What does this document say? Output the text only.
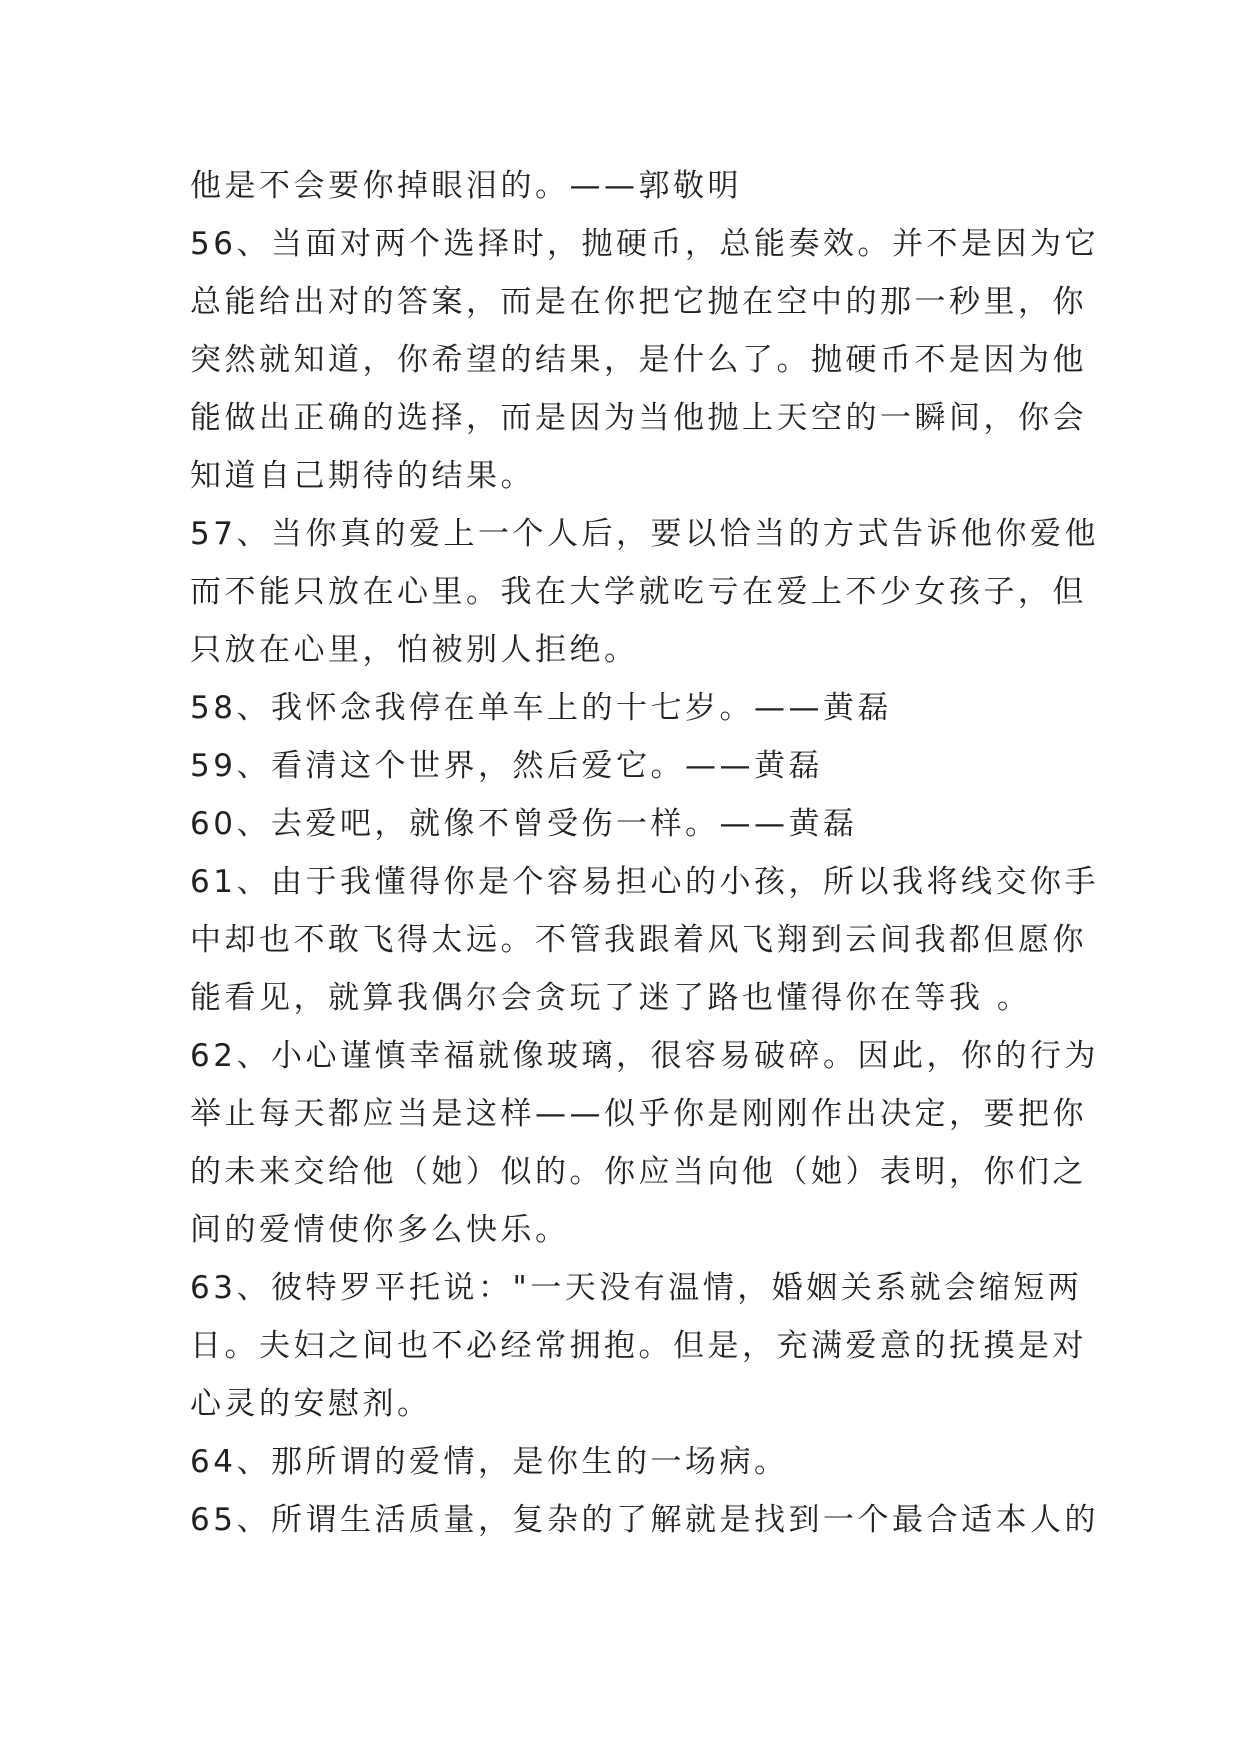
他是不会要你掉眼泪的。——郭敬明
56、当面对两个选择时，抛硬币，总能奏效。并不是因为它
总能给出对的答案，而是在你把它抛在空中的那一秒里，你
突然就知道，你希望的结果，是什么了。抛硬币不是因为他
能做出正确的选择，而是因为当他抛上天空的一瞬间，你会
知道自己期待的结果。
57、当你真的爱上一个人后，要以恰当的方式告诉他你爱他
而不能只放在心里。我在大学就吃亏在爱上不少女孩子，但
只放在心里，怕被别人拒绝。
58、我怀念我停在单车上的十七岁。——黄磊
59、看清这个世界，然后爱它。——黄磊
60、去爱吧，就像不曾受伤一样。——黄磊
61、由于我懂得你是个容易担心的小孩，所以我将线交你手
中却也不敢飞得太远。不管我跟着风飞翔到云间我都但愿你
能看见，就算我偶尔会贪玩了迷了路也懂得你在等我 。
62、小心谨慎幸福就像玻璃，很容易破碎。因此，你的行为
举止每天都应当是这样——似乎你是刚刚作出决定，要把你
的未来交给他（她）似的。你应当向他（她）表明，你们之
间的爱情使你多么快乐。
63、彼特罗平托说："一天没有温情，婚姻关系就会缩短两
日。夫妇之间也不必经常拥抱。但是，充满爱意的抚摸是对
心灵的安慰剂。
64、那所谓的爱情，是你生的一场病。
65、所谓生活质量，复杂的了解就是找到一个最合适本人的
